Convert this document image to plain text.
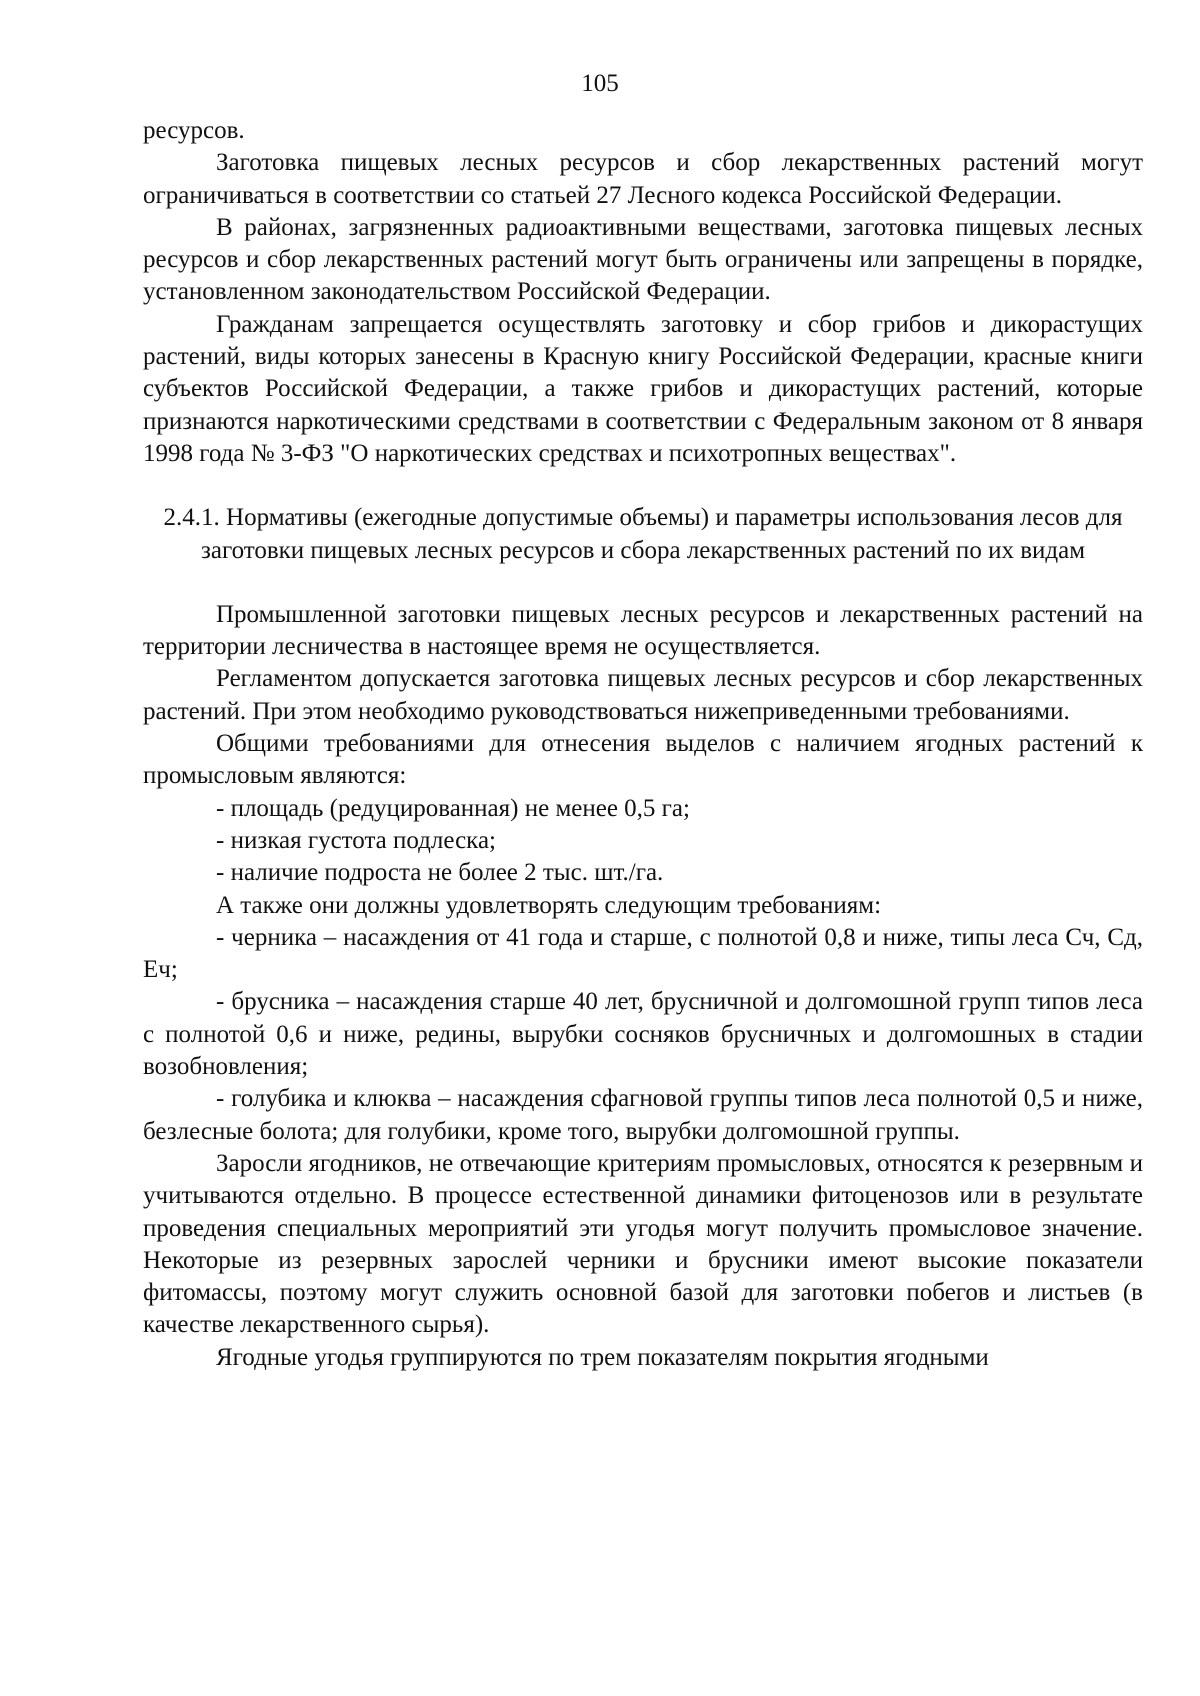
105

ресурсов.

Заготовка пищевых лесных ресурсов и сбор лекарственных растений могут ограничиваться в соответствии со статьей 27 Лесного кодекса Российской Федерации.

В районах, загрязненных радиоактивными веществами, заготовка пищевых лесных ресурсов и сбор лекарственных растений могут быть ограничены или запрещены в порядке, установленном законодательством Российской Федерации.

Гражданам запрещается осуществлять заготовку и сбор грибов и дикорастущих растений, виды которых занесены в Красную книгу Российской Федерации, красные книги субъектов Российской Федерации, а также грибов и дикорастущих растений, которые признаются наркотическими средствами в соответствии с Федеральным законом от 8 января 1998 года № 3-ФЗ "О наркотических средствах и психотропных веществах".

2.4.1. Нормативы (ежегодные допустимые объемы) и параметры использования лесов для заготовки пищевых лесных ресурсов и сбора лекарственных растений по их видам

Промышленной заготовки пищевых лесных ресурсов и лекарственных растений на территории лесничества в настоящее время не осуществляется.

Регламентом допускается заготовка пищевых лесных ресурсов и сбор лекарственных растений. При этом необходимо руководствоваться нижеприведенными требованиями.

Общими требованиями для отнесения выделов с наличием ягодных растений к промысловым являются:

- площадь (редуцированная) не менее 0,5 га;

- низкая густота подлеска;

- наличие подроста не более 2 тыс. шт./га.

А также они должны удовлетворять следующим требованиям:

- черника – насаждения от 41 года и старше, с полнотой 0,8 и ниже, типы леса Сч, Сд, Еч;

- брусника – насаждения старше 40 лет, брусничной и долгомошной групп типов леса с полнотой 0,6 и ниже, редины, вырубки сосняков брусничных и долгомошных в стадии возобновления;

- голубика и клюква – насаждения сфагновой группы типов леса полнотой 0,5 и ниже, безлесные болота; для голубики, кроме того, вырубки долгомошной группы.

Заросли ягодников, не отвечающие критериям промысловых, относятся к резервным и учитываются отдельно. В процессе естественной динамики фитоценозов или в результате проведения специальных мероприятий эти угодья могут получить промысловое значение. Некоторые из резервных зарослей черники и брусники имеют высокие показатели фитомассы, поэтому могут служить основной базой для заготовки побегов и листьев (в качестве лекарственного сырья).

Ягодные угодья группируются по трем показателям покрытия ягодными
